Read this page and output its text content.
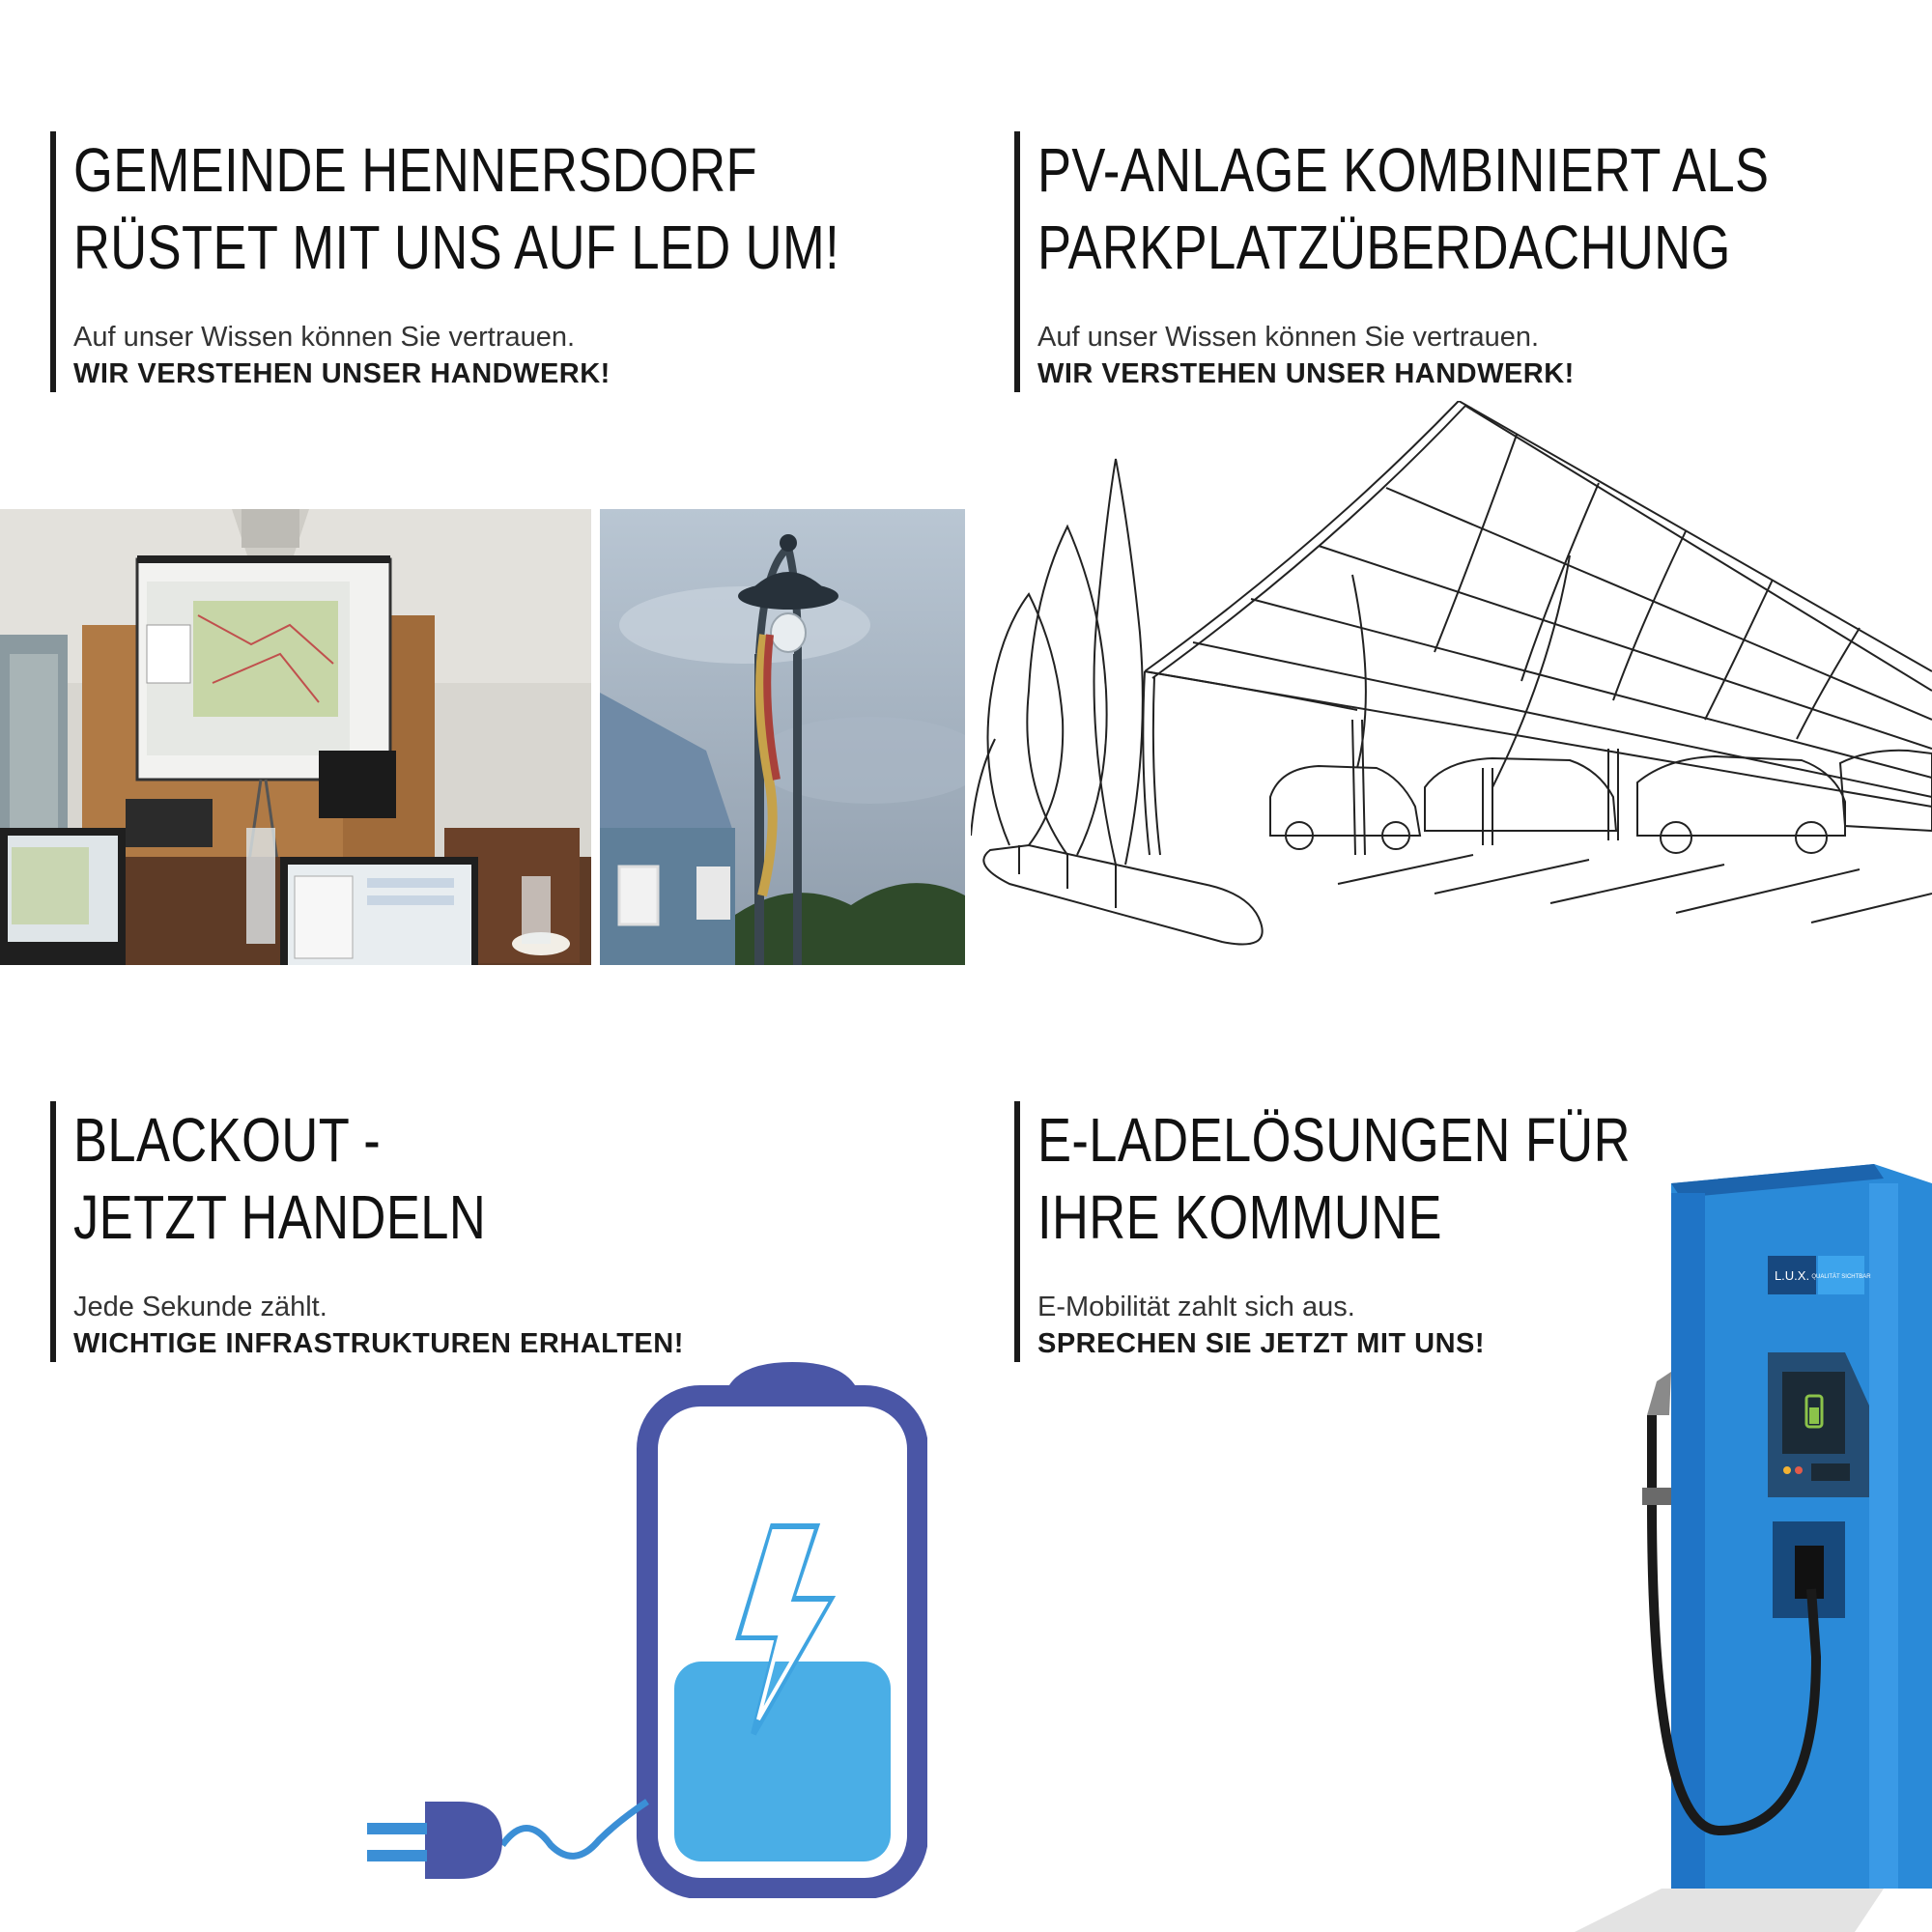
GEMEINDE HENNERSDORF
RÜSTET MIT UNS AUF LED UM!

Auf unser Wissen können Sie vertrauen.

WIR VERSTEHEN UNSER HANDWERK!

PV-ANLAGE KOMBINIERT ALS
PARKPLATZÜBERDACHUNG

Auf unser Wissen können Sie vertrauen.

WIR VERSTEHEN UNSER HANDWERK!

BLACKOUT -
JETZT HANDELN

Jede Sekunde zählt.

WICHTIGE INFRASTRUKTUREN ERHALTEN!

E-LADELÖSUNGEN FÜR
IHRE KOMMUNE

E-Mobilität zahlt sich aus.

SPRECHEN SIE JETZT MIT UNS!

L.U.X. QUALITÄT SICHTBAR
